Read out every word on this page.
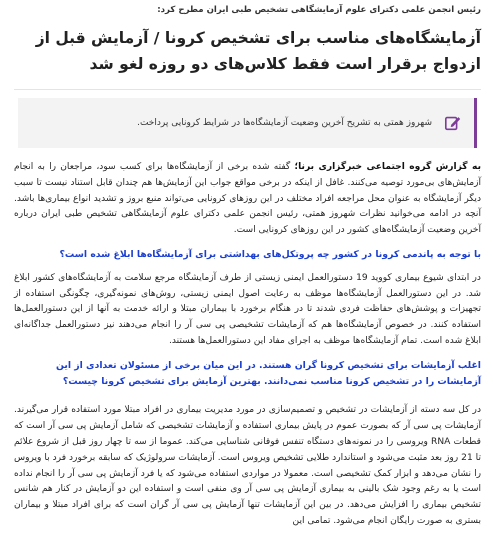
رئیس انجمن علمی دکترای علوم آزمایشگاهی تشخیص طبی ایران مطرح کرد:

آزمایشگاه‌های مناسب برای تشخیص کرونا / آزمایش قبل از ازدواج برقرار است فقط کلاس‌های دو روزه لغو شد
شهروز همتی به تشریح آخرین وضعیت آزمایشگاه‌ها در شرایط کرونایی پرداخت.

به گزارش گروه اجتماعی خبرگزاری برنا؛ گفته شده برخی از آزمایشگاه‌ها برای کسب سود، مراجعان را به انجام آزمایش‌های بی‌مورد توصیه می‌کنند. غافل از اینکه در برخی مواقع جواب این آزمایش‌ها هم چندان قابل استناد نیست تا سبب دیگر آزمایشگاه به عنوان محل مراجعه افراد مختلف در این روزهای کرونایی می‌تواند منبع بروز و تشدید انواع بیماری‌ها باشد. آنچه در ادامه می‌خوانید نظرات شهروز همتی، رئیس انجمن علمی دکترای علوم آزمایشگاهی تشخیص طبی ایران درباره آخرین وضعیت آزمایشگاه‌های کشور در این روزهای کرونایی است.

با توجه به پاندمی کرونا در کشور چه پروتکل‌های بهداشتی برای آزمایشگاه‌ها ابلاغ شده است؟

در ابتدای شیوع بیماری کووید 19 دستورالعمل ایمنی زیستی از طرف آزمایشگاه مرجع سلامت به آزمایشگاه‌های کشور ابلاغ شد. در این دستورالعمل آزمایشگاه‌ها موظف به رعایت اصول ایمنی زیستی، روش‌های نمونه‌گیری، چگونگی استفاده از تجهیزات و پوشش‌های حفاظت فردی شدند تا در هنگام برخورد با بیماران مبتلا و ارائه خدمت به آنها از این دستورالعمل‌ها استفاده کنند. در خصوص آزمایشگاه‌ها هم که آزمایشات تشخیصی پی سی آر را انجام می‌دهند نیز دستورالعمل جداگانه‌ای ابلاغ شده است. تمام آزمایشگاه‌ها موظف به اجرای مفاد این دستورالعمل‌ها هستند.

اغلب آزمایشات برای تشخیص کرونا گران هستند. در این میان برخی از مسئولان تعدادی از این آزمایشات را در تشخیص کرونا مناسب نمی‌دانند. بهترین آزمایش برای تشخیص کرونا چیست؟

در کل سه دسته از آزمایشات در تشخیص و تصمیم‌سازی در مورد مدیریت بیماری در افراد مبتلا مورد استفاده قرار می‌گیرند. آزمایشات پی سی آر که بصورت عموم در پایش بیماری استفاده و آزمایشات تشخیصی که شامل آزمایش پی سی آر است که قطعات RNA ویروسی را در نمونه‌های دستگاه تنفس فوقانی شناسایی می‌کند. عموما از سه تا چهار روز قبل از شروع علائم تا 21 روز بعد مثبت می‌شود و استاندارد طلایی تشخیص ویروس است. آزمایشات سرولوژیک که سابقه برخورد فرد با ویروس را نشان می‌دهد و ابزار کمک تشخیصی است. معمولا در مواردی استفاده می‌شود که یا فرد آزمایش پی سی آر را انجام نداده است یا به رغم وجود شک بالینی به بیماری آزمایش پی سی آر وی منفی است و استفاده این دو آزمایش در کنار هم شانس تشخیص بیماری را افزایش می‌دهد. در بین این آزمایشات تنها آزمایش پی سی آر گران است که برای افراد مبتلا و بیماران بستری به صورت رایگان انجام می‌شود. تمامی این
